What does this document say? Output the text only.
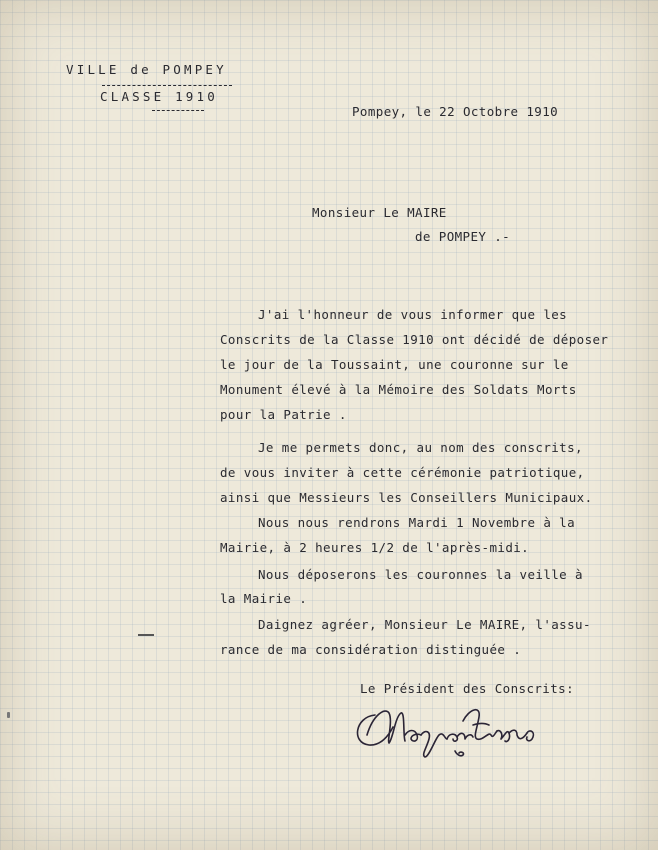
VILLE de POMPEY
CLASSE 1910
Pompey, le 22 Octobre 1910
Monsieur Le MAIRE
de POMPEY .-
J'ai l'honneur de vous informer que les
Conscrits de la Classe 1910 ont décidé de déposer
le jour de la Toussaint, une couronne sur le
Monument élevé à la Mémoire des Soldats Morts
pour la Patrie .
Je me permets donc, au nom des conscrits,
de vous inviter à cette cérémonie patriotique,
ainsi que Messieurs les Conseillers Municipaux.
Nous nous rendrons Mardi 1 Novembre à la
Mairie, à 2 heures 1/2 de l'après-midi.
Nous déposerons les couronnes la veille à
la Mairie .
Daignez agréer, Monsieur Le MAIRE, l'assu-
rance de ma considération distinguée .
Le Président des Conscrits:
